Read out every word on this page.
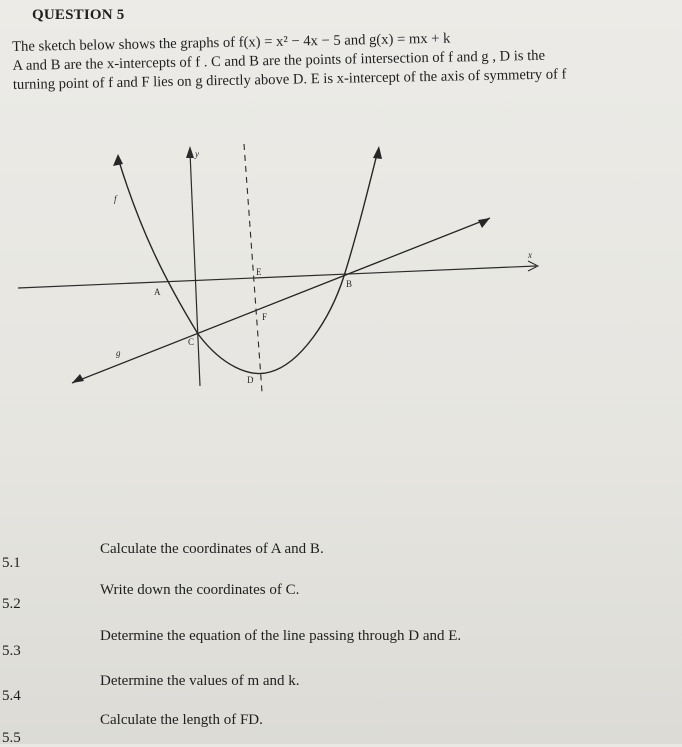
QUESTION 5

The sketch below shows the graphs of f(x) = x² − 4x − 5 and g(x) = mx + k

A and B are the x-intercepts of f . C and B are the points of intersection of f and g , D is the

turning point of f and F lies on g directly above D. E is x-intercept of the axis of symmetry of f

y
x
f
g
A
B
C
D
E
F
5.1
Calculate the coordinates of A and B.
5.2
Write down the coordinates of C.
5.3
Determine the equation of the line passing through D and E.
5.4
Determine the values of m and k.
5.5
Calculate the length of FD.
